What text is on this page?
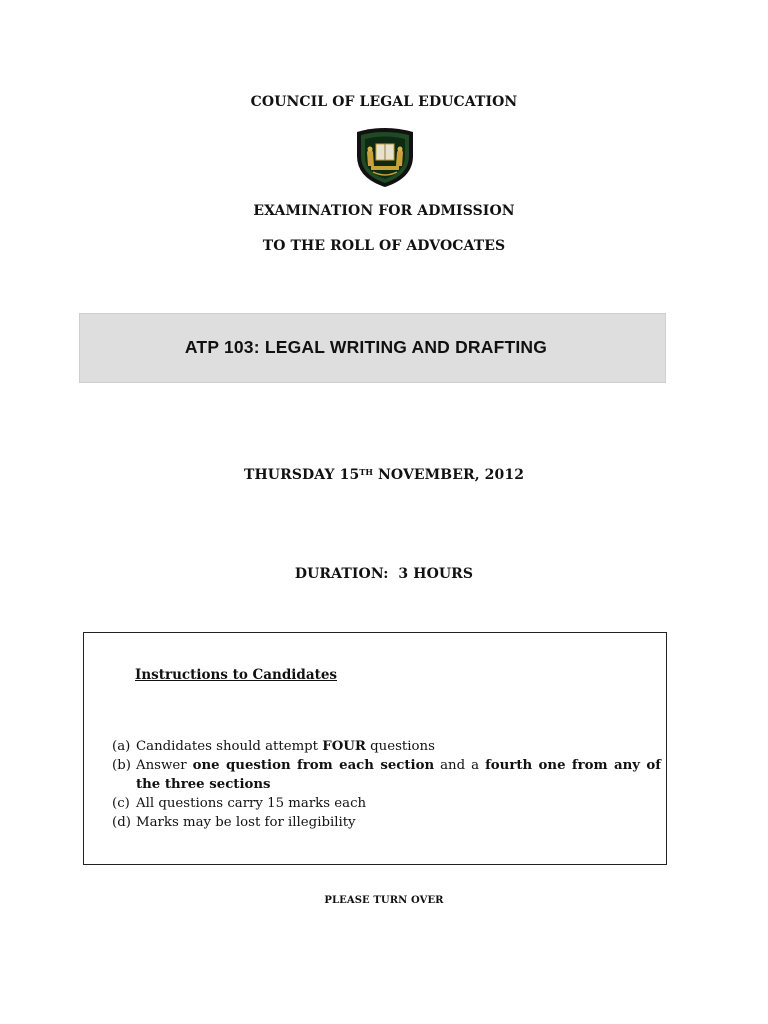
COUNCIL OF LEGAL EDUCATION
EXAMINATION FOR ADMISSION
TO THE ROLL OF ADVOCATES
ATP 103: LEGAL WRITING AND DRAFTING
THURSDAY 15TH NOVEMBER, 2012
DURATION:  3 HOURS
Instructions to Candidates
(a) Candidates should attempt FOUR questions
(b) Answer one question from each section and a fourth one from any of the three sections
(c) All questions carry 15 marks each
(d) Marks may be lost for illegibility
PLEASE TURN OVER
